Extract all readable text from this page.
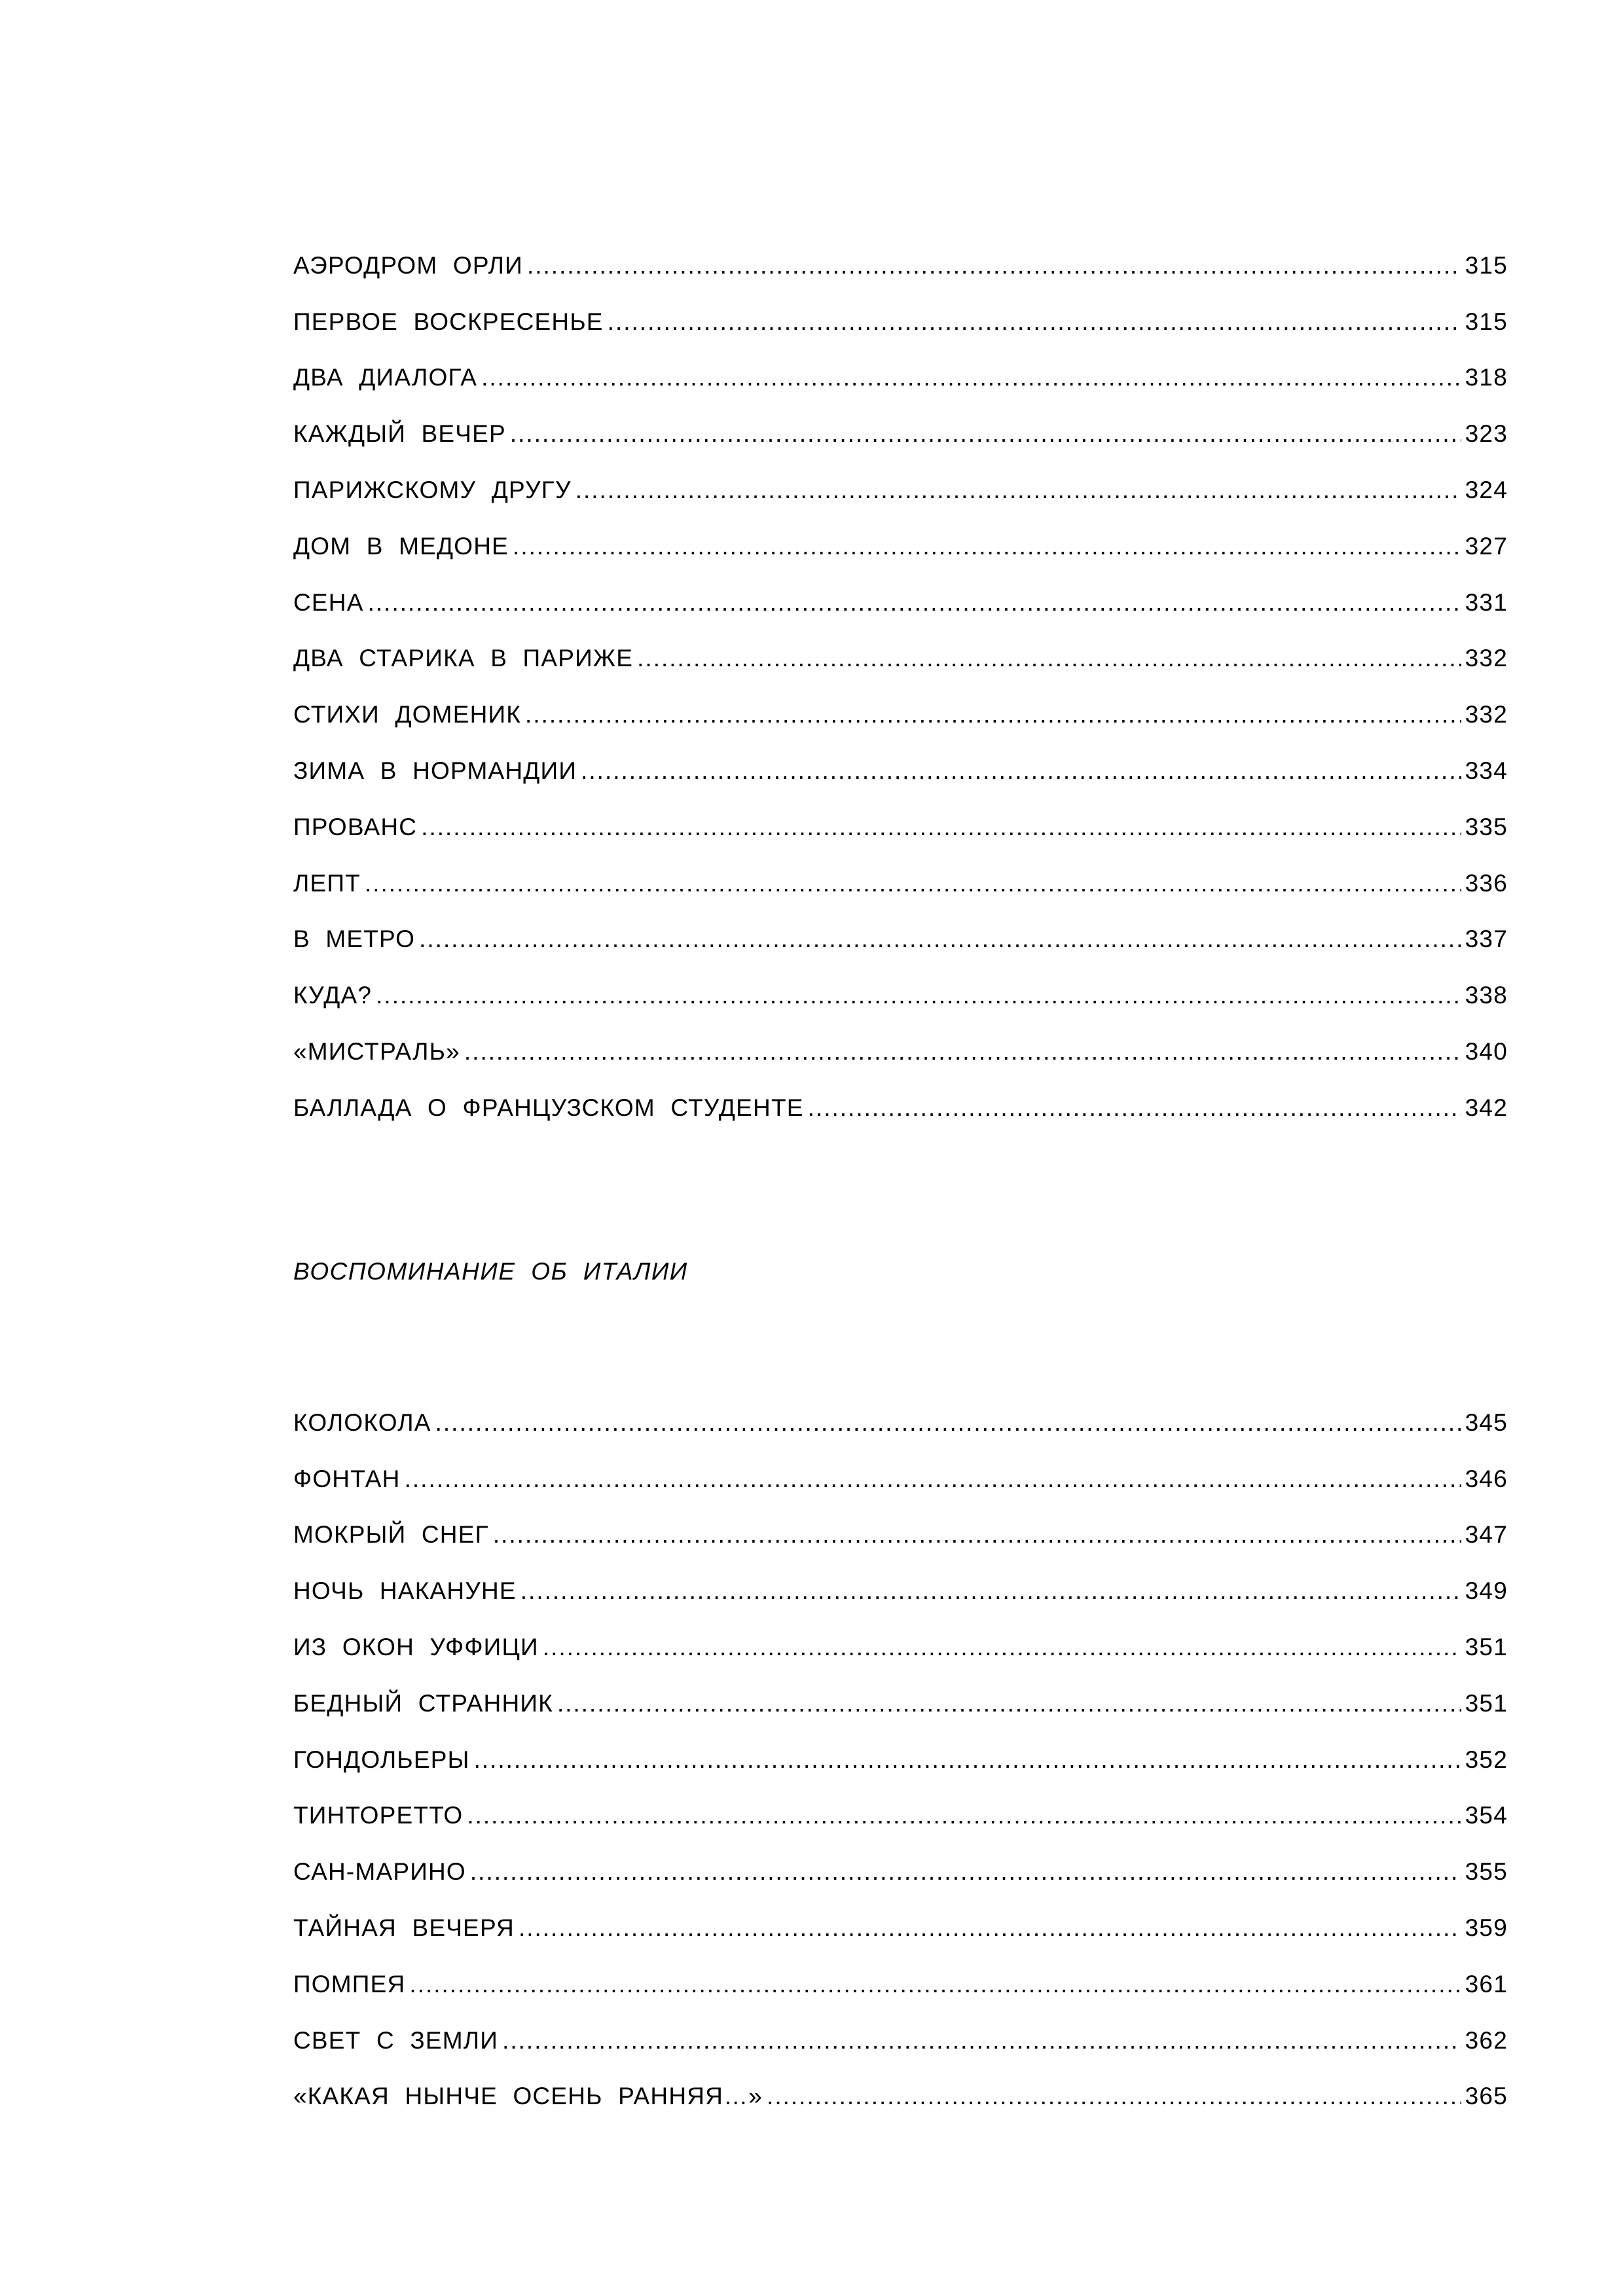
АЭРОДРОМ ОРЛИ .....	315
ПЕРВОЕ ВОСКРЕСЕНЬЕ .....	315
ДВА ДИАЛОГА .....	318
КАЖДЫЙ ВЕЧЕР .....	323
ПАРИЖСКОМУ ДРУГУ .....	324
ДОМ В МЕДОНЕ .....	327
СЕНА .....	331
ДВА СТАРИКА В ПАРИЖЕ .....	332
СТИХИ ДОМЕНИК .....	332
ЗИМА В НОРМАНДИИ .....	334
ПРОВАНС .....	335
ЛЕПТ .....	336
В МЕТРО .....	337
КУДА? .....	338
«МИСТРАЛЬ» .....	340
БАЛЛАДА О ФРАНЦУЗСКОМ СТУДЕНТЕ .....	342
ВОСПОМИНАНИЕ ОБ ИТАЛИИ
КОЛОКОЛА .....	345
ФОНТАН .....	346
МОКРЫЙ СНЕГ .....	347
НОЧЬ НАКАНУНЕ .....	349
ИЗ ОКОН УФФИЦИ .....	351
БЕДНЫЙ СТРАННИК .....	351
ГОНДОЛЬЕРЫ .....	352
ТИНТОРЕТТО .....	354
САН-МАРИНО .....	355
ТАЙНАЯ ВЕЧЕРЯ .....	359
ПОМПЕЯ .....	361
СВЕТ С ЗЕМЛИ .....	362
«КАКАЯ НЫНЧЕ ОСЕНЬ РАННЯЯ…» .....	365
